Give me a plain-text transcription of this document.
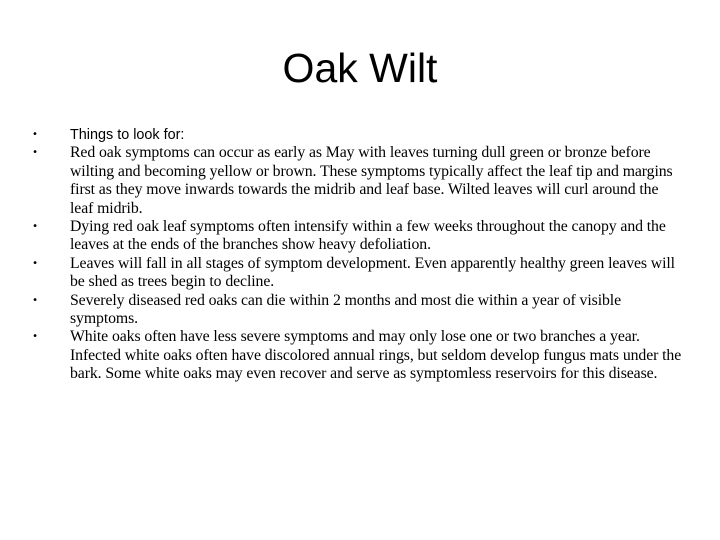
Oak Wilt
• Things to look for:
• Red oak symptoms can occur as early as May with leaves turning dull green or bronze before wilting and becoming yellow or brown. These symptoms typically affect the leaf tip and margins first as they move inwards towards the midrib and leaf base. Wilted leaves will curl around the leaf midrib.
• Dying red oak leaf symptoms often intensify within a few weeks throughout the canopy and the leaves at the ends of the branches show heavy defoliation.
• Leaves will fall in all stages of symptom development. Even apparently healthy green leaves will be shed as trees begin to decline.
• Severely diseased red oaks can die within 2 months and most die within a year of visible symptoms.
• White oaks often have less severe symptoms and may only lose one or two branches a year. Infected white oaks often have discolored annual rings, but seldom develop fungus mats under the bark. Some white oaks may even recover and serve as symptomless reservoirs for this disease.
